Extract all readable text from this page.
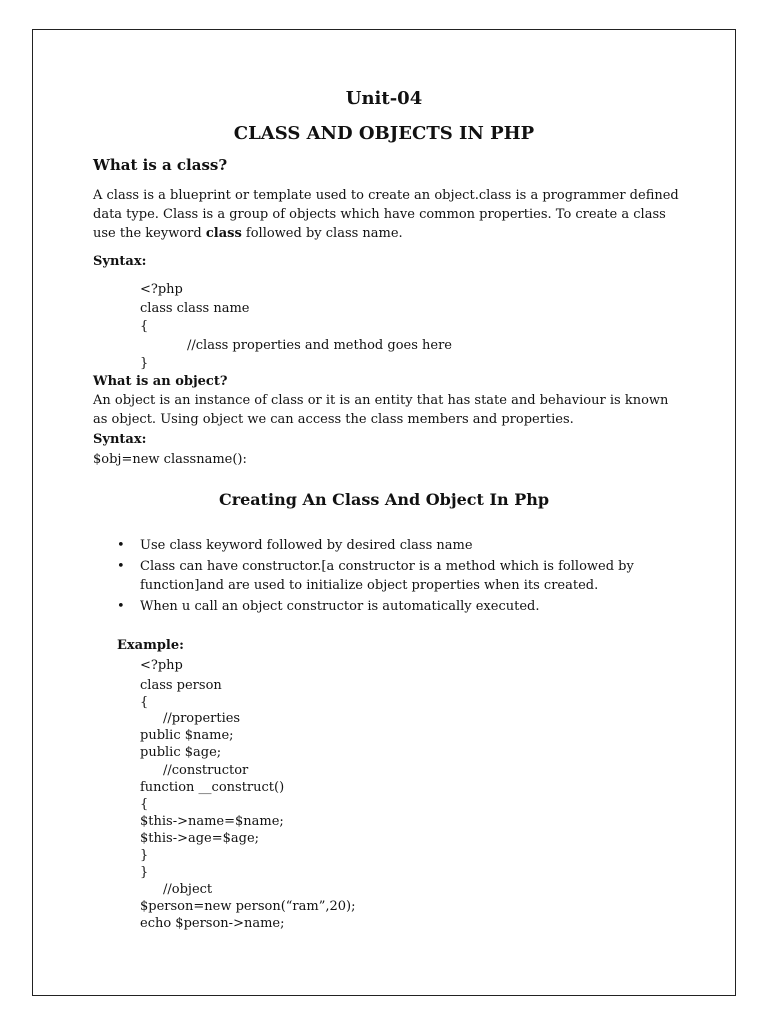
Unit-04
CLASS AND OBJECTS IN PHP
What is a class?
A class is a blueprint or template used to create an object.class is a programmer defined
data type. Class is a group of objects which have common properties. To create a class
use the keyword class followed by class name.
Syntax:
<?php
class class name
{
//class properties and method goes here
}
What is an object?
An object is an instance of class or it is an entity that has state and behaviour is known
as object. Using object we can access the class members and properties.
Syntax:
$obj=new classname():
Creating An Class And Object In Php
• Use class keyword followed by desired class name
• Class can have constructor.[a constructor is a method which is followed by
function]and are used to initialize object properties when its created.
• When u call an object constructor is automatically executed.
Example:
<?php
class person
{
//properties
public $name;
public $age;
//constructor
function __construct()
{
$this->name=$name;
$this->age=$age;
}
}
//object
$person=new person(“ram”,20);
echo $person->name;
